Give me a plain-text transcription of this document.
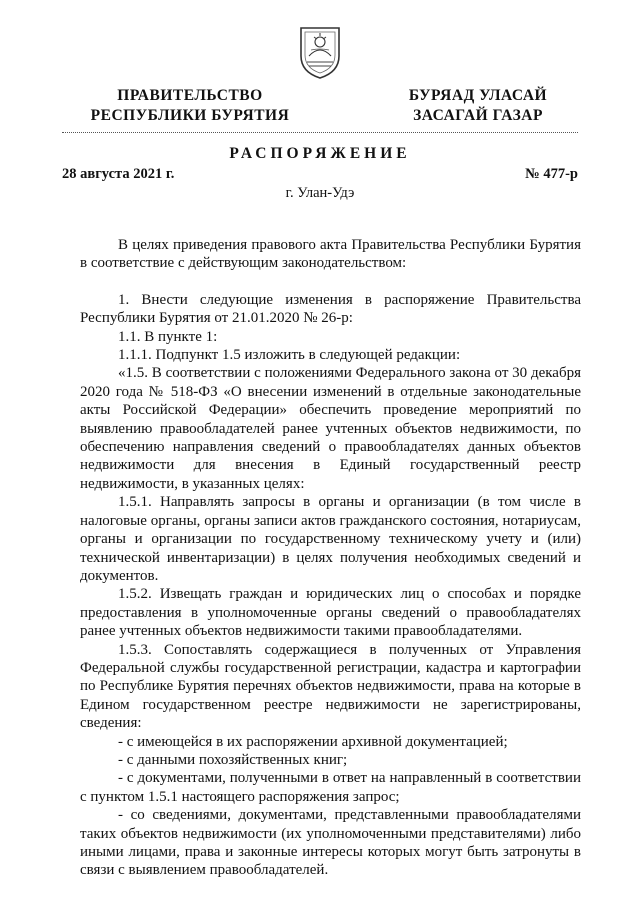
ПРАВИТЕЛЬСТВО
РЕСПУБЛИКИ БУРЯТИЯ
БУРЯАД УЛАСАЙ
ЗАСАГАЙ ГАЗАР
РАСПОРЯЖЕНИЕ
28 августа 2021 г.	№ 477-р
г. Улан-Удэ

В целях приведения правового акта Правительства Республики Бурятия в соответствие с действующим законодательством:

1. Внести следующие изменения в распоряжение Правительства Республики Бурятия от 21.01.2020 № 26-р:

1.1. В пункте 1:

1.1.1. Подпункт 1.5 изложить в следующей редакции:

«1.5. В соответствии с положениями Федерального закона от 30 декабря 2020 года № 518-ФЗ «О внесении изменений в отдельные законодательные акты Российской Федерации» обеспечить проведение мероприятий по выявлению правообладателей ранее учтенных объектов недвижимости, по обеспечению направления сведений о правообладателях данных объектов недвижимости для внесения в Единый государственный реестр недвижимости, в указанных целях:

1.5.1. Направлять запросы в органы и организации (в том числе в налоговые органы, органы записи актов гражданского состояния, нотариусам, органы и организации по государственному техническому учету и (или) технической инвентаризации) в целях получения необходимых сведений и документов.

1.5.2. Извещать граждан и юридических лиц о способах и порядке предоставления в уполномоченные органы сведений о правообладателях ранее учтенных объектов недвижимости такими правообладателями.

1.5.3. Сопоставлять содержащиеся в полученных от Управления Федеральной службы государственной регистрации, кадастра и картографии по Республике Бурятия перечнях объектов недвижимости, права на которые в Едином государственном реестре недвижимости не зарегистрированы, сведения:

- с имеющейся в их распоряжении архивной документацией;

- с данными похозяйственных книг;

- с документами, полученными в ответ на направленный в соответствии с пунктом 1.5.1 настоящего распоряжения запрос;

- со сведениями, документами, представленными правообладателями таких объектов недвижимости (их уполномоченными представителями) либо иными лицами, права и законные интересы которых могут быть затронуты в связи с выявлением правообладателей.
